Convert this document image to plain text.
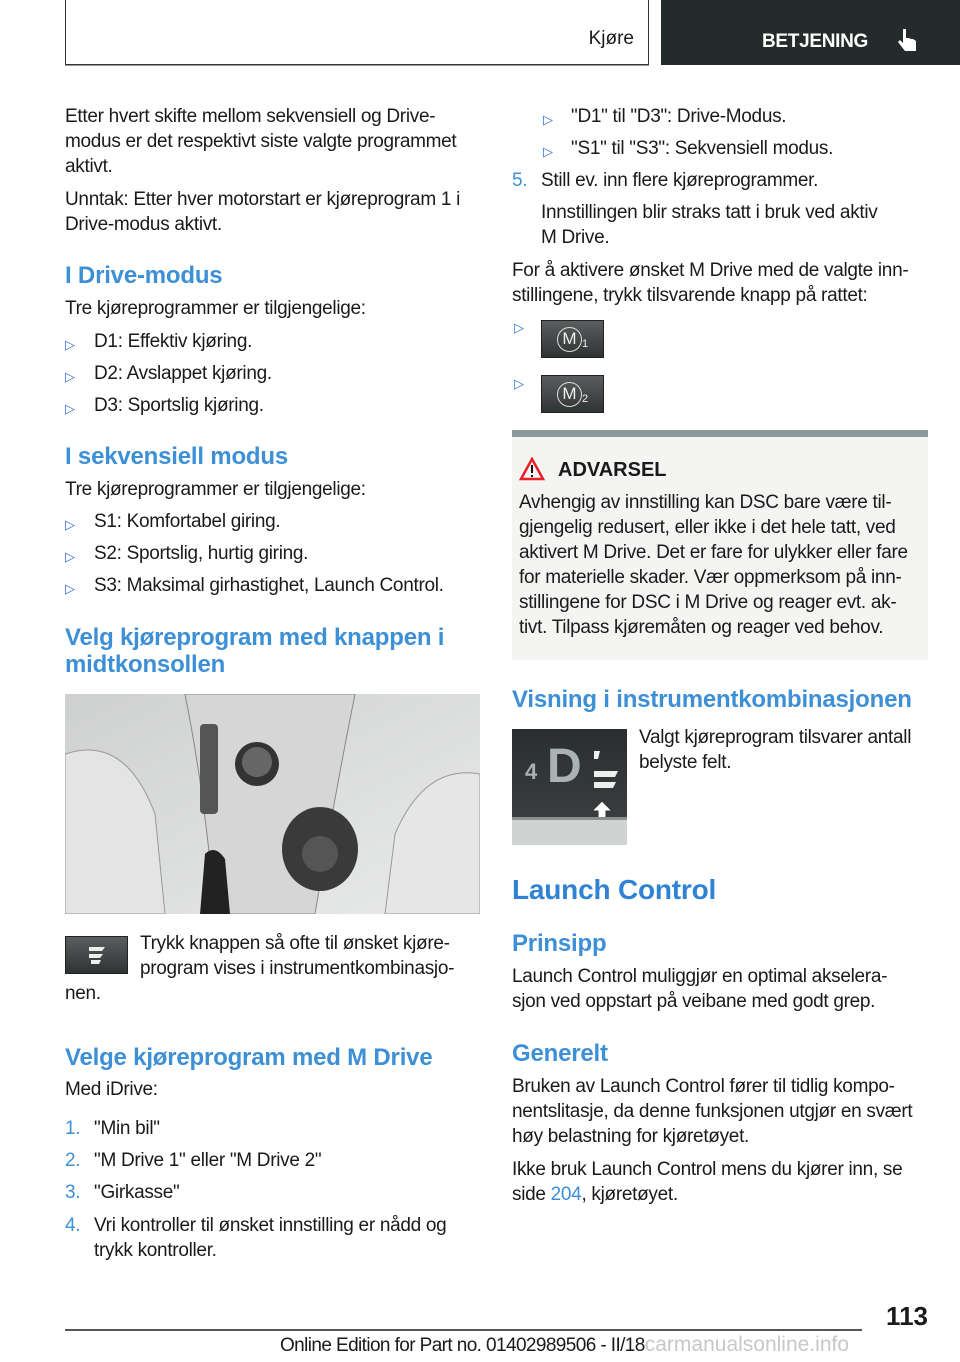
Kjøre	BETJENING
Etter hvert skifte mellom sekvensiell og Drive-
modus er det respektivt siste valgte programmet
aktivt.
Unntak: Etter hver motorstart er kjøreprogram 1 i
Drive-modus aktivt.
I Drive-modus
Tre kjøreprogrammer er tilgjengelige:
▷ D1: Effektiv kjøring.
▷ D2: Avslappet kjøring.
▷ D3: Sportslig kjøring.
I sekvensiell modus
Tre kjøreprogrammer er tilgjengelige:
▷ S1: Komfortabel giring.
▷ S2: Sportslig, hurtig giring.
▷ S3: Maksimal girhastighet, Launch Control.
Velg kjøreprogram med knappen i
midtkonsollen
Trykk knappen så ofte til ønsket kjøre-
program vises i instrumentkombinasjo-
nen.
Velge kjøreprogram med M Drive
Med iDrive:
1. "Min bil"
2. "M Drive 1" eller "M Drive 2"
3. "Girkasse"
4. Vri kontroller til ønsket innstilling er nådd og
trykk kontroller.
▷ "D1" til "D3": Drive-Modus.
▷ "S1" til "S3": Sekvensiell modus.
5. Still ev. inn flere kjøreprogrammer.
Innstillingen blir straks tatt i bruk ved aktiv
M Drive.
For å aktivere ønsket M Drive med de valgte inn-
stillingene, trykk tilsvarende knapp på rattet:
▷
M 1
▷
M 2
ADVARSEL
Avhengig av innstilling kan DSC bare være til-
gjengelig redusert, eller ikke i det hele tatt, ved
aktivert M Drive. Det er fare for ulykker eller fare
for materielle skader. Vær oppmerksom på inn-
stillingene for DSC i M Drive og reager evt. ak-
tivt. Tilpass kjøremåten og reager ved behov.
Visning i instrumentkombinasjonen
4 D
Valgt kjøreprogram tilsvarer antall
belyste felt.
Launch Control
Prinsipp
Launch Control muliggjør en optimal akselera-
sjon ved oppstart på veibane med godt grep.
Generelt
Bruken av Launch Control fører til tidlig kompo-
nentslitasje, da denne funksjonen utgjør en svært
høy belastning for kjøretøyet.
Ikke bruk Launch Control mens du kjører inn, se
side 204, kjøretøyet.
113
Online Edition for Part no. 01402989506 - II/18carmanualsonline.info
